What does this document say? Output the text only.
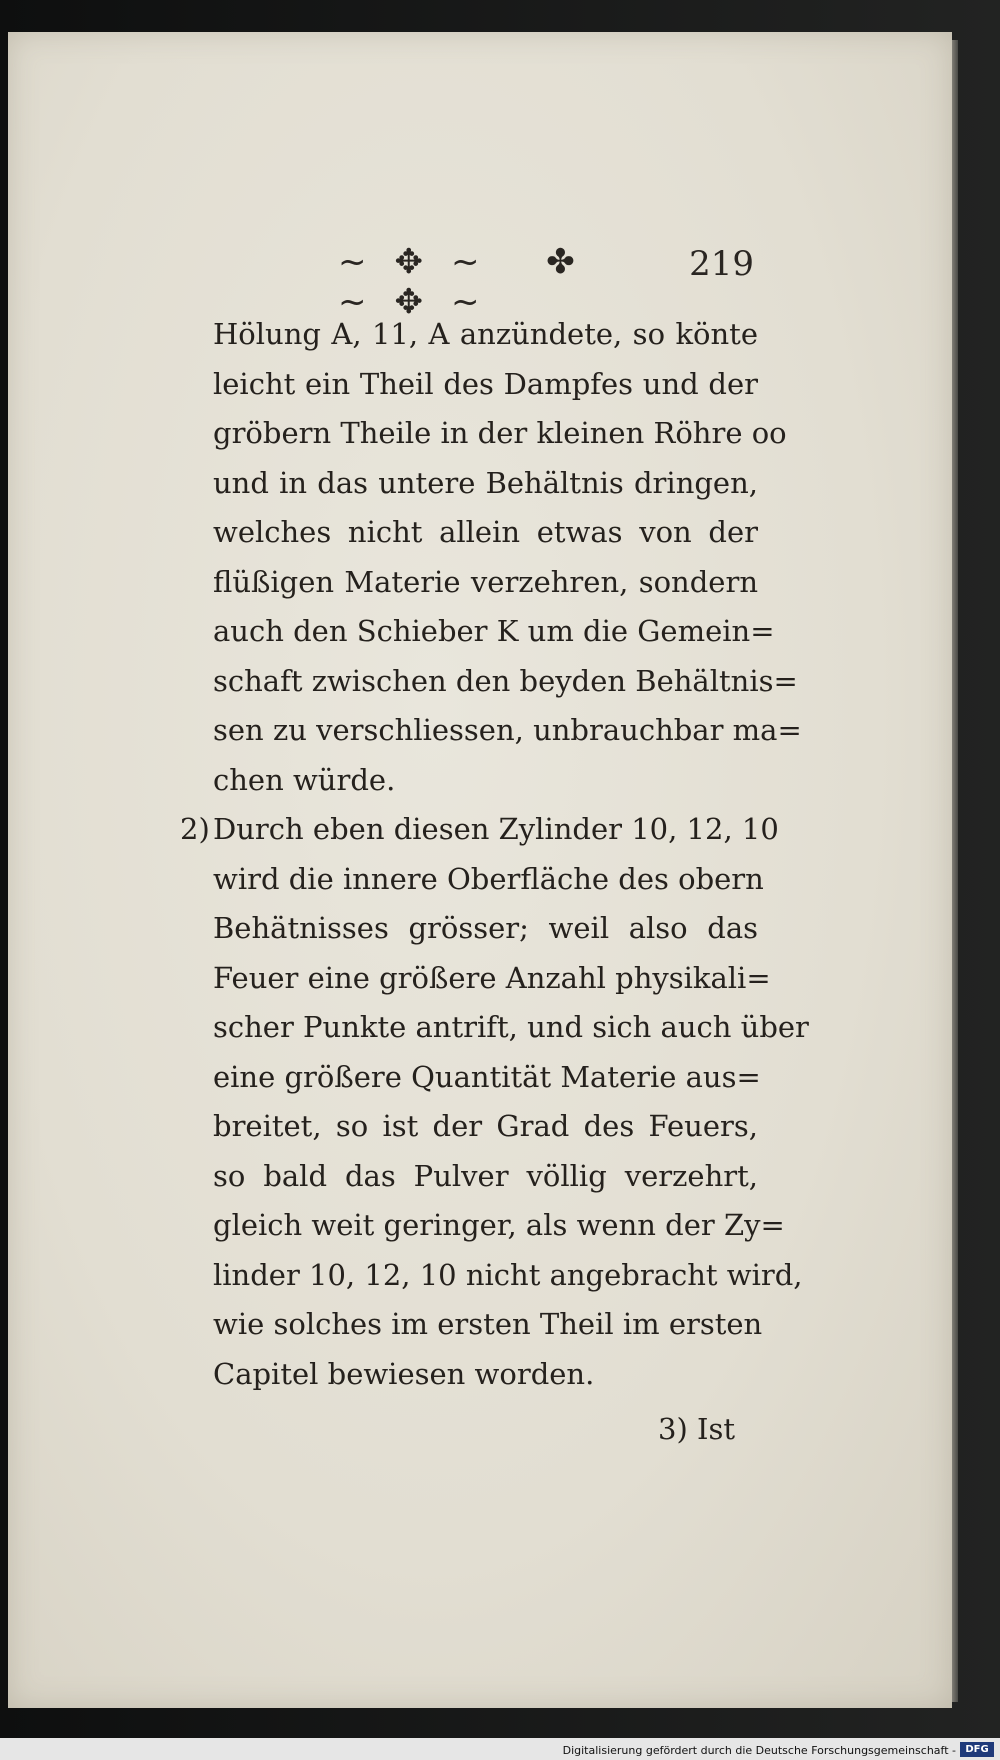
~✥~ ✤ ~✥~
219
Hölung A, 11, A anzündete, so könte
leicht ein Theil des Dampfes und der
gröbern Theile in der kleinen Röhre oo
und in das untere Behältnis dringen,
welches nicht allein etwas von der
flüßigen Materie verzehren, sondern
auch den Schieber K um die Gemein=
schaft zwischen den beyden Behältnis=
sen zu verschliessen, unbrauchbar ma=
chen würde.
2) Durch eben diesen Zylinder 10, 12, 10
wird die innere Oberfläche des obern
Behätnisses grösser; weil also das
Feuer eine größere Anzahl physikali=
scher Punkte antrift, und sich auch über
eine größere Quantität Materie aus=
breitet, so ist der Grad des Feuers,
so bald das Pulver völlig verzehrt,
gleich weit geringer, als wenn der Zy=
linder 10, 12, 10 nicht angebracht wird,
wie solches im ersten Theil im ersten
Capitel bewiesen worden.
3) Ist
Digitalisierung gefördert durch die Deutsche Forschungsgemeinschaft - DFG
